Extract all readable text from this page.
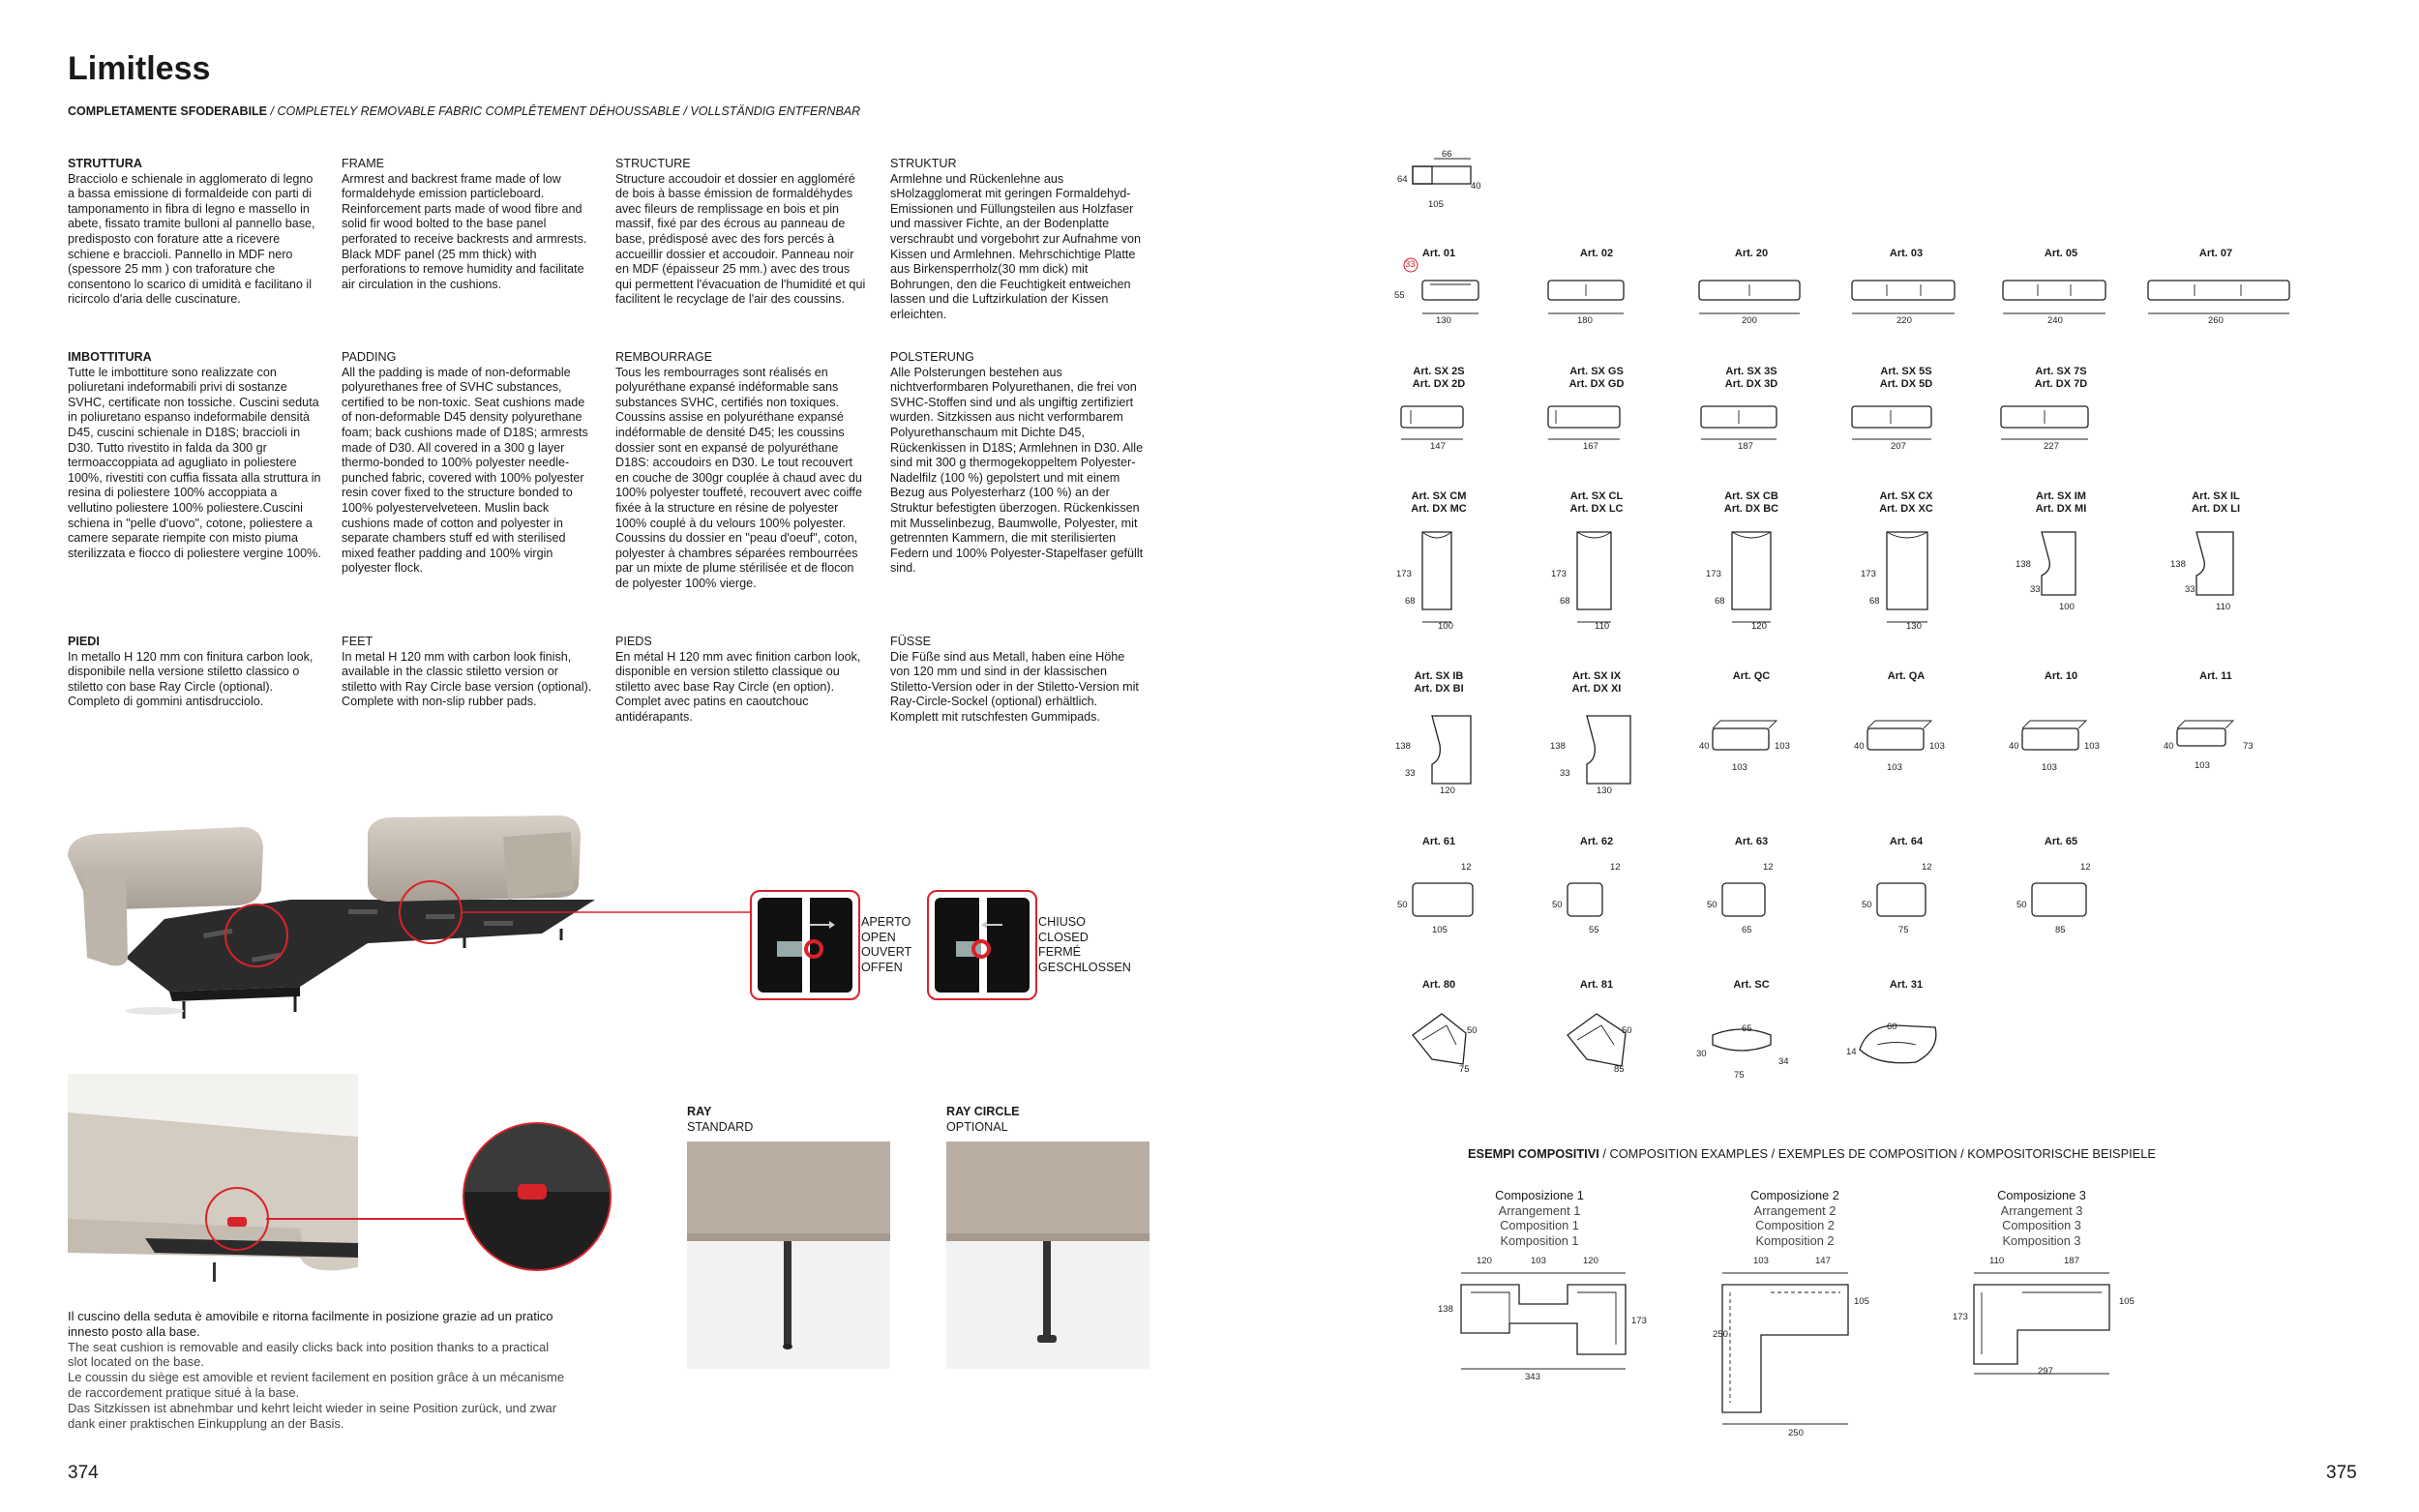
Limitless
COMPLETAMENTE SFODERABILE / COMPLETELY REMOVABLE FABRIC COMPLÊTEMENT DÉHOUSSABLE / VOLLSTÄNDIG ENTFERNBAR
STRUTTURA

Bracciolo e schienale in agglomerato di legno a bassa emissione di formaldeide con parti di tamponamento in fibra di legno e massello in abete, fissato tramite bulloni al pannello base, predisposto con forature atte a ricevere schiene e braccioli. Pannello in MDF nero (spessore 25 mm ) con traforature che consentono lo scarico di umidità e facilitano il ricircolo d'aria delle cuscinature.

FRAME

Armrest and backrest frame made of low formaldehyde emission particleboard. Reinforcement parts made of wood fibre and solid fir wood bolted to the base panel perforated to receive backrests and armrests. Black MDF panel (25 mm thick) with perforations to remove humidity and facilitate air circulation in the cushions.

STRUCTURE

Structure accoudoir et dossier en aggloméré de bois à basse émission de formaldéhydes avec fileurs de remplissage en bois et pin massif, fixé par des écrous au panneau de base, prédisposé avec des fors percés à accueillir dossier et accoudoir. Panneau noir en MDF (épaisseur 25 mm.) avec des trous qui permettent l'évacuation de l'humidité et qui facilitent le recyclage de l'air des coussins.

STRUKTUR

Armlehne und Rückenlehne aus sHolzagglomerat mit geringen Formaldehyd-Emissionen und Füllungsteilen aus Holzfaser und massiver Fichte, an der Bodenplatte verschraubt und vorgebohrt zur Aufnahme von Kissen und Armlehnen. Mehrschichtige Platte aus Birkensperrholz(30 mm dick) mit Bohrungen, den die Feuchtigkeit entweichen lassen und die Luftzirkulation der Kissen erleichten.

IMBOTTITURA

Tutte le imbottiture sono realizzate con poliuretani indeformabili privi di sostanze SVHC, certificate non tossiche. Cuscini seduta in poliuretano espanso indeformabile densità D45, cuscini schienale in D18S; braccioli in D30. Tutto rivestito in falda da 300 gr termoaccoppiata ad agugliato in poliestere 100%, rivestiti con cuffia fissata alla struttura in resina di poliestere 100% accoppiata a vellutino poliestere 100% poliestere.Cuscini schiena in "pelle d'uovo", cotone, poliestere a camere separate riempite con misto piuma sterilizzata e fiocco di poliestere vergine 100%.

PADDING

All the padding is made of non-deformable polyurethanes free of SVHC substances, certified to be non-toxic. Seat cushions made of non-deformable D45 density polyurethane foam; back cushions made of D18S; armrests made of D30. All covered in a 300 g layer thermo-bonded to 100% polyester needle-punched fabric, covered with 100% polyester resin cover fixed to the structure bonded to 100% polyestervelveteen. Muslin back cushions made of cotton and polyester in separate chambers stuff ed with sterilised mixed feather padding and 100% virgin polyester flock.

REMBOURRAGE

Tous les rembourrages sont réalisés en polyuréthane expansé indéformable sans substances SVHC, certifiés non toxiques. Coussins assise en polyuréthane expansé indéformable de densité D45; les coussins dossier sont en expansé de polyuréthane D18S: accoudoirs en D30. Le tout recouvert en couche de 300gr couplée à chaud avec du 100% polyester touffeté, recouvert avec coiffe fixée à la structure en résine de polyester 100% couplé à du velours 100% polyester. Coussins du dossier en "peau d'oeuf", coton, polyester à chambres séparées rembourrées par un mixte de plume stérilisée et de flocon de polyester 100% vierge.

POLSTERUNG

Alle Polsterungen bestehen aus nichtverformbaren Polyurethanen, die frei von SVHC-Stoffen sind und als ungiftig zertifiziert wurden. Sitzkissen aus nicht verformbarem Polyurethanschaum mit Dichte D45, Rückenkissen in D18S; Armlehnen in D30. Alle sind mit 300 g thermogekoppeltem Polyester-Nadelfilz (100 %) gepolstert und mit einem Bezug aus Polyesterharz (100 %) an der Struktur befestigten überzogen. Rückenkissen mit Musselinbezug, Baumwolle, Polyester, mit getrennten Kammern, die mit sterilisierten Federn und 100% Polyester-Stapelfaser gefüllt sind.

PIEDI

In metallo H 120 mm con finitura carbon look, disponibile nella versione stiletto classico o stiletto con base Ray Circle (optional). Completo di gommini antisdrucciolo.

FEET

In metal H 120 mm with carbon look finish, available in the classic stiletto version or stiletto with Ray Circle base version (optional). Complete with non-slip rubber pads.

PIEDS

En métal H 120 mm avec finition carbon look, disponible en version stiletto classique ou stiletto avec base Ray Circle (en option). Complet avec patins en caoutchouc antidérapants.

FÜSSE

Die Füße sind aus Metall, haben eine Höhe von 120 mm und sind in der klassischen Stiletto-Version oder in der Stiletto-Version mit Ray-Circle-Sockel (optional) erhältlich. Komplett mit rutschfesten Gummipads.

APERTO
OPEN
OUVERT
OFFEN
CHIUSO
CLOSED
FERMÉ
GESCHLOSSEN

Il cuscino della seduta è amovibile e ritorna facilmente in posizione grazie ad un pratico innesto posto alla base.

The seat cushion is removable and easily clicks back into position thanks to a practical slot located on the base.

Le coussin du siège est amovible et revient facilement en position grâce à un mécanisme de raccordement pratique situé à la base.

Das Sitzkissen ist abnehmbar und kehrt leicht wieder in seine Position zurück, und zwar dank einer praktischen Einkupplung an der Basis.

RAY
STANDARD
RAY CIRCLE
OPTIONAL
374
66
64
40
105
Art. 01	Art. 02	Art. 20	Art. 03	Art. 05	Art. 07
33
55
130	180	200	220	240	260
Art. SX 2S
Art. DX 2D
Art. SX GS
Art. DX GD
Art. SX 3S
Art. DX 3D
Art. SX 5S
Art. DX 5D
Art. SX 7S
Art. DX 7D
147	167	187	207	227
Art. SX CM
Art. DX MC
Art. SX CL
Art. DX LC
Art. SX CB
Art. DX BC
Art. SX CX
Art. DX XC
Art. SX IM
Art. DX MI
Art. SX IL
Art. DX LI
173
68
100
173
68
110
173
68
120
173
68
130
138
33
100
138
33
110
Art. SX IB
Art. DX BI
Art. SX IX
Art. DX XI
Art. QC	Art. QA	Art. 10	Art. 11
138
33
120
138
33
130
40	103
103
40	103
103
40	103
103
40	73
103
Art. 61	Art. 62	Art. 63	Art. 64	Art. 65
12
50
105
12
50
55
12
50
65
12
50
75
12
50
85
Art. 80	Art. 81	Art. SC	Art. 31
50
75
50
85
65
75
30
34
60
14
ESEMPI COMPOSITIVI / COMPOSITION EXAMPLES / EXEMPLES DE COMPOSITION / KOMPOSITORISCHE BEISPIELE
Composizione 1
Arrangement 1
Composition 1
Komposition 1
Composizione 2
Arrangement 2
Composition 2
Komposition 2
Composizione 3
Arrangement 3
Composition 3
Komposition 3
120	103	120
138
173
343
103	147
105
250
250
110	187
105
173
297
375
